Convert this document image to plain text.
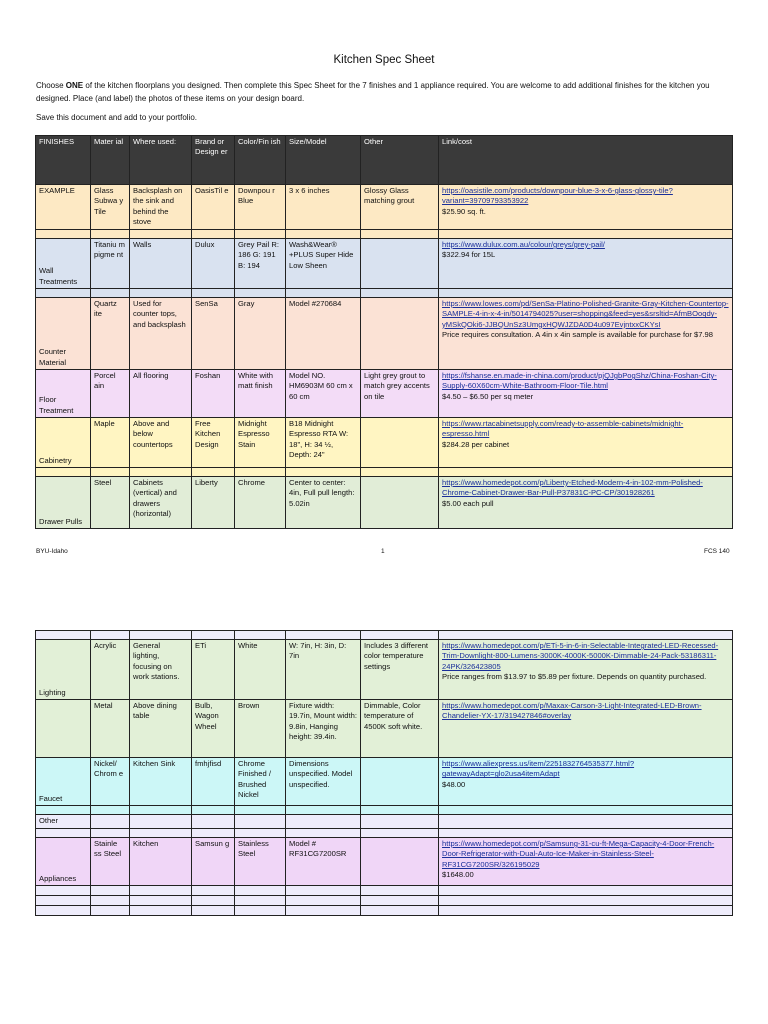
Kitchen Spec Sheet

Choose ONE of the kitchen floorplans you designed. Then complete this Spec Sheet for the 7 finishes and 1 appliance required. You are welcome to add additional finishes for the kitchen you designed. Place (and label) the photos of these items on your design board.

Save this document and add to your portfolio.

FINISHES	Mater ial	Where used:	Brand or Design er	Color/Fin ish	Size/Model	Other	Link/cost
EXAMPLE	Glass Subwa y Tile	Backsplash on the sink and behind the stove	OasisTil e	Downpou r Blue	3 x 6 inches	Glossy Glass matching grout	https://oasistile.com/products/downpour-blue-3-x-6-glass-glossy-tile?variant=39709793353922
$25.90 sq. ft.

Wall Treatments	Titaniu m pigme nt	Walls	Dulux	Grey Pail R: 186 G: 191 B: 194	Wash&Wear® +PLUS Super Hide Low Sheen		https://www.dulux.com.au/colour/greys/grey-pail/
$322.94 for 15L

Counter Material	Quartz ite	Used for counter tops, and backsplash	SenSa	Gray	Model #270684		https://www.lowes.com/pd/SenSa-Platino-Polished-Granite-Gray-Kitchen-Countertop-SAMPLE-4-in-x-4-in/5014794025?user=shopping&feed=yes&srsltid=AfmBOoqdy-yMSkQOki6-JJBQUnSz3UmgxHQWJZDA0D4u097EvjntxxCKYsI
Price requires consultation. A 4in x 4in sample is available for purchase for $7.98
Floor Treatment	Porcel ain	All flooring	Foshan	White with matt finish	Model NO. HM6903M 60 cm x 60 cm	Light grey grout to match grey accents on tile	https://fshanse.en.made-in-china.com/product/pjQJgbPogShz/China-Foshan-City-Supply-60X60cm-White-Bathroom-Floor-Tile.html
$4.50 – $6.50 per sq meter
Cabinetry	Maple	Above and below countertops	Free Kitchen Design	Midnight Espresso Stain	B18 Midnight Espresso RTA W: 18", H: 34 ½, Depth: 24"		https://www.rtacabinetsupply.com/ready-to-assemble-cabinets/midnight-espresso.html
$284.28 per cabinet

Drawer Pulls	Steel	Cabinets (vertical) and drawers (horizontal)	Liberty	Chrome	Center to center: 4in, Full pull length: 5.02in		https://www.homedepot.com/p/Liberty-Etched-Modern-4-in-102-mm-Polished-Chrome-Cabinet-Drawer-Bar-Pull-P37831C-PC-CP/301928261
$5.00 each pull
BYU-Idaho	1	FCS 140

Lighting	Acrylic	General lighting, focusing on work stations.	ETi	White	W: 7in, H: 3in, D: 7in	Includes 3 different color temperature settings	https://www.homedepot.com/p/ETi-5-in-6-in-Selectable-Integrated-LED-Recessed-Trim-Downlight-800-Lumens-3000K-4000K-5000K-Dimmable-24-Pack-53186311-24PK/326423805
Price ranges from $13.97 to $5.89 per fixture. Depends on quantity purchased.
	Metal	Above dining table	Bulb, Wagon Wheel	Brown	Fixture width: 19.7in, Mount width: 9.8in, Hanging height: 39.4in.	Dimmable, Color temperature of 4500K soft white.	https://www.homedepot.com/p/Maxax-Carson-3-Light-Integrated-LED-Brown-Chandelier-YX-17/319427846#overlay
Faucet	Nickel/ Chrom e	Kitchen Sink	fmhjfisd	Chrome Finished / Brushed Nickel	Dimensions unspecified. Model unspecified.		https://www.aliexpress.us/item/2251832764535377.html?gatewayAdapt=glo2usa4itemAdapt
$48.00

Other							

Appliances	Stainle ss Steel	Kitchen	Samsun g	Stainless Steel	Model # RF31CG7200SR		https://www.homedepot.com/p/Samsung-31-cu-ft-Mega-Capacity-4-Door-French-Door-Refrigerator-with-Dual-Auto-Ice-Maker-in-Stainless-Steel-RF31CG7200SR/326195029
$1648.00
